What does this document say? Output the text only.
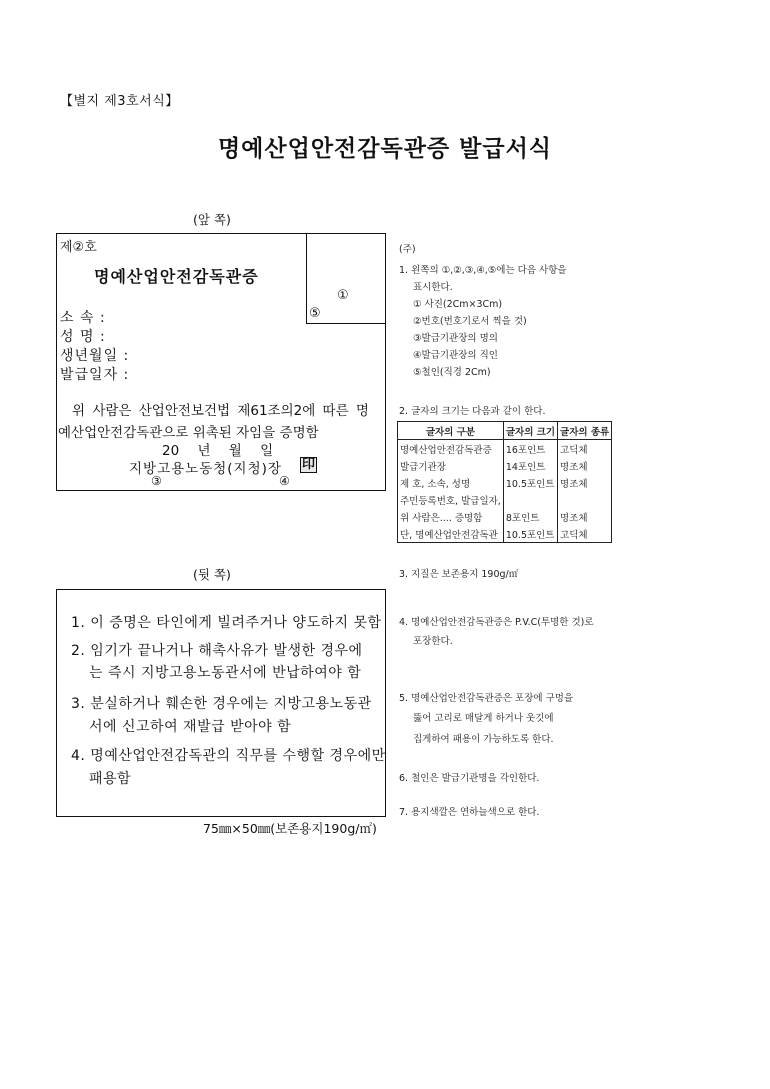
【별지 제3호서식】
명예산업안전감독관증 발급서식
(앞 쪽)
제②호
명예산업안전감독관증
①
⑤
소 속 :
성 명 :
생년월일 :
발급일자 :
위 사람은 산업안전보건법 제61조의2에 따른 명
예산업안전감독관으로 위촉된 자임을 증명함
20 년 월 일
지방고용노동청(지청)장 印
③	④
(뒷 쪽)
1. 이 증명은 타인에게 빌려주거나 양도하지 못함
2. 임기가 끝나거나 해촉사유가 발생한 경우에
는 즉시 지방고용노동관서에 반납하여야 함
3. 분실하거나 훼손한 경우에는 지방고용노동관
서에 신고하여 재발급 받아야 함
4. 명예산업안전감독관의 직무를 수행할 경우에만
패용함
75㎜×50㎜(보존용지190g/㎡)
(주)
1. 왼쪽의 ①,②,③,④,⑤에는 다음 사항을
표시한다.
① 사진(2Cm×3Cm)
②번호(번호기로서 찍을 것)
③발급기관장의 명의
④발급기관장의 직인
⑤철인(직경 2Cm)
2. 글자의 크기는 다음과 같이 한다.
글자의 구분	글자의 크기	글자의 종류
명예산업안전감독관증	16포인트	고딕체
발급기관장	14포인트	명조체
제 호, 소속, 성명	10.5포인트	명조체
주민등록번호, 발급일자,		
위 사람은.... 증명함	8포인트	명조체
단, 명예산업안전감독관	10.5포인트	고딕체
3. 지질은 보존용지 190g/㎡
4. 명예산업안전감독관증은 P.V.C(투명한 것)로
포장한다.
5. 명예산업안전감독관증은 포장에 구멍을
뚫어 고리로 매달게 하거나 웃깃에
집게하여 패용이 가능하도록 한다.
6. 철인은 발급기관명을 각인한다.
7. 용지색깔은 연하늘색으로 한다.
